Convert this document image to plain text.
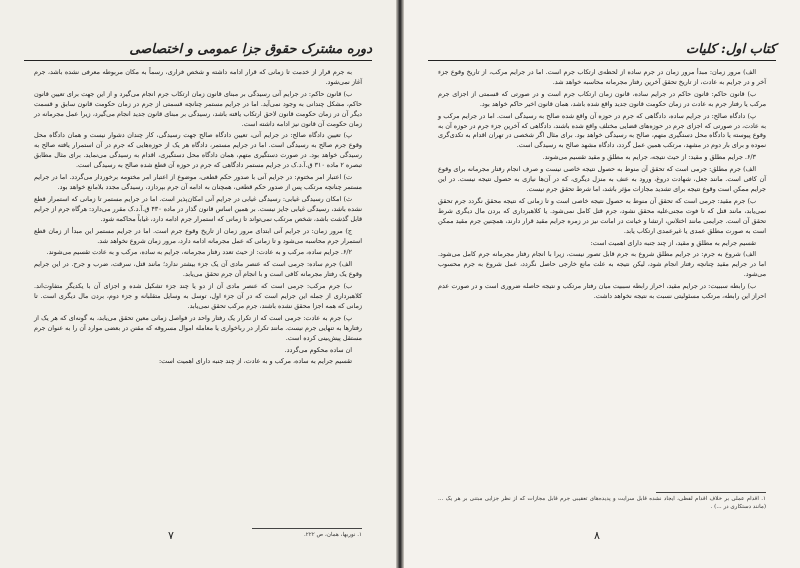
دوره مشترک حقوق جزا عمومی و اختصاصی

به جرم قرار از خدمت تا زمانی که قرار ادامه داشته و شخص فراری، رسماً به مکان مربوطه معرفی نشده باشد، جرم آغاز نمی‌شود.

ب) قانون حاکم: در جرایم آنی رسیدگی بر مبنای قانون زمان ارتکاب جرم انجام می‌گیرد و از این جهت برای تعیین قانون حاکم، مشکل چندانی به وجود نمی‌آید. اما در جرایم مستمر چنانچه قسمتی از جرم در زمان حکومت قانون سابق و قسمت دیگر آن در زمان حکومت قانون لاحق ارتکاب یافته باشد، رسیدگی بر مبنای قانون جدید انجام می‌گیرد، زیرا عمل مجرمانه در زمان حکومت آن قانون نیز ادامه داشته است.

پ) تعیین دادگاه صالح: در جرایم آنی، تعیین دادگاه صالح جهت رسیدگی، کار چندان دشوار نیست و همان دادگاه محل وقوع جرم صالح به رسیدگی است. اما در جرایم مستمر، دادگاه هر یک از حوزه‌هایی که جرم در آن استمرار یافته صالح به رسیدگی خواهد بود. در صورت دستگیری متهم، همان دادگاه محل دستگیری، اقدام به رسیدگی می‌نماید. برای مثال مطابق تبصره ۲ ماده ۳۱۰ ق.آ.د.ک در جرایم مستمر دادگاهی که جرم در حوزه آن قطع شده صالح به رسیدگی است.

ت) اعتبار امر مختوم: در جرایم آنی با صدور حکم قطعی، موضوع از اعتبار امر مختومه برخوردار می‌گردد. اما در جرایم مستمر چنانچه مرتکب پس از صدور حکم قطعی، همچنان به ادامه آن جرم بپردازد، رسیدگی مجدد بلامانع خواهد بود.

ث) امکان رسیدگی غیابی: رسیدگی غیابی در جرایم آنی امکان‌پذیر است. اما در جرایم مستمر تا زمانی که استمرار قطع نشده باشد، رسیدگی غیابی جایز نیست. بر همین اساس قانون گذار در ماده ۴۳۰ ق.آ.د.ک مقرر می‌دارد: هرگاه جرم از جرایم قابل گذشت باشد، شخص مرتکب نمی‌تواند تا زمانی که استمرار جرم ادامه دارد، غیاباً محاکمه شود.

ج) مرور زمان: در جرایم آنی ابتدای مرور زمان از تاریخ وقوع جرم است. اما در جرایم مستمر این مبدأ از زمان قطع استمرار جرم محاسبه می‌شود و تا زمانی که عمل مجرمانه ادامه دارد، مرور زمان شروع نخواهد شد.

۶/۲. جرایم ساده، مرکب و به عادت: از حیث تعدد رفتار مجرمانه، جرایم به ساده، مرکب و به عادت تقسیم می‌شوند.

الف) جرم ساده: جرمی است که عنصر مادی آن یک جزء بیشتر ندارد؛ مانند قتل، سرقت، ضرب و جرح. در این جرایم وقوع یک رفتار مجرمانه کافی است و با انجام آن جرم تحقق می‌یابد.

ب) جرم مرکب: جرمی است که عنصر مادی آن از دو یا چند جزء تشکیل شده و اجزای آن با یکدیگر متفاوت‌اند. کلاهبرداری از جمله این جرایم است که در آن جزء اول، توسل به وسایل متقلبانه و جزء دوم، بردن مال دیگری است. تا زمانی که همه اجزا محقق نشده باشند، جرم مرکب تحقق نمی‌یابد.

پ) جرم به عادت: جرمی است که از تکرار یک رفتار واحد در فواصل زمانی معین تحقق می‌یابد، به گونه‌ای که هر یک از رفتارها به تنهایی جرم نیست. مانند تکرار در رباخواری یا معامله اموال مسروقه که مقنن در بعضی موارد آن را به عنوان جرم مستقل پیش‌بینی کرده است.

ان ساده محکوم می‌گردد.

تقسیم جرایم به ساده، مرکب و به عادت، از چند جنبه دارای اهمیت است:

۱. نوربها، همان، ص ۲۲۲.
۷
کتاب اول: کلیات

الف) مرور زمان: مبدأ مرور زمان در جرم ساده از لحظه‌ی ارتکاب جرم است. اما در جرایم مرکب، از تاریخ وقوع جزء آخر و در جرایم به عادت، از تاریخ تحقق آخرین رفتار مجرمانه محاسبه خواهد شد.

ب) قانون حاکم: قانون حاکم در جرایم ساده، قانون زمان ارتکاب جرم است و در صورتی که قسمتی از اجزای جرم مرکب یا رفتار جرم به عادت در زمان حکومت قانون جدید واقع شده باشد، همان قانون اخیر حاکم خواهد بود.

پ) دادگاه صالح: در جرایم ساده، دادگاهی که جرم در حوزه آن واقع شده صالح به رسیدگی است. اما در جرایم مرکب و به عادت، در صورتی که اجزای جرم در حوزه‌های قضایی مختلف واقع شده باشند، دادگاهی که آخرین جزء جرم در حوزه آن به وقوع پیوسته یا دادگاه محل دستگیری متهم، صالح به رسیدگی خواهد بود. برای مثال اگر شخصی در تهران اقدام به تکدی‌گری نموده و برای بار دوم در مشهد، مرتکب همین عمل گردد، دادگاه مشهد صالح به رسیدگی است.

۶/۳. جرایم مطلق و مقید: از حیث نتیجه، جرایم به مطلق و مقید تقسیم می‌شوند.

الف) جرم مطلق: جرمی است که تحقق آن منوط به حصول نتیجه خاصی نیست و صرف انجام رفتار مجرمانه برای وقوع آن کافی است. مانند جعل، شهادت دروغ، ورود به عنف به منزل دیگری، که در آن‌ها نیازی به حصول نتیجه نیست. در این جرایم ممکن است وقوع نتیجه برای تشدید مجازات مؤثر باشد، اما شرط تحقق جرم نیست.

ب) جرم مقید: جرمی است که تحقق آن منوط به حصول نتیجه خاصی است و تا زمانی که نتیجه محقق نگردد جرم تحقق نمی‌یابد، مانند قتل که تا فوت مجنی‌علیه محقق نشود، جرم قتل کامل نمی‌شود. یا کلاهبرداری که بردن مال دیگری شرط تحقق آن است. جرایمی مانند اختلاس، ارتشا و خیانت در امانت نیز در زمره جرایم مقید قرار دارند، همچنین جرم مقید ممکن است به صورت مطلق عمدی یا غیرعمدی ارتکاب یابد.

تقسیم جرایم به مطلق و مقید، از چند جنبه دارای اهمیت است:

الف) شروع به جرم: در جرایم مطلق شروع به جرم قابل تصور نیست، زیرا با انجام رفتار مجرمانه جرم کامل می‌شود. اما در جرایم مقید چنانچه رفتار انجام شود، لیکن نتیجه به علت مانع خارجی حاصل نگردد، عمل شروع به جرم محسوب می‌شود.

ب) رابطه سببیت: در جرایم مقید، احراز رابطه سببیت میان رفتار مرتکب و نتیجه حاصله ضروری است و در صورت عدم احراز این رابطه، مرتکب مسئولیتی نسبت به نتیجه نخواهد داشت.

۱. اقدام عملی بر خلاف اقدام لفظی، ایجاد نشده قابل سرایت و پدیده‌های تعقیبی جرم قابل مجازات که از نظر جزایی مبتنی بر هر یک ... (مانند دستکاری در ...) .
۸
